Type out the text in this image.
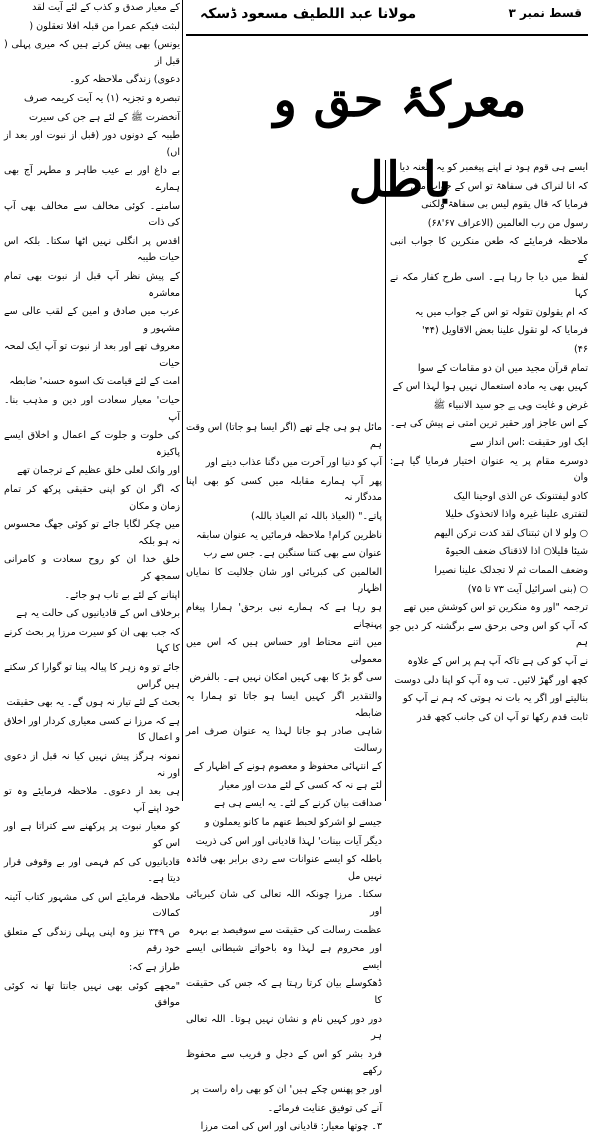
قسط نمبر ۳
مولانا عبد اللطیف مسعود ڈسکہ
معرکۂ حق و باطل

کے معیار صدق و کذب کے لئے آیت لقد

لبثت فیکم عمرا من قبلہ افلا تعقلون (

یونس) بھی پیش کرتے ہیں کہ میری پہلی ( قبل از

دعوی) زندگی ملاحظہ کرو۔

تبصرہ و تجزیہ (۱) یہ آیت کریمہ صرف

آنخضرت ﷺ کے لئے ہے جن کی سیرت

طیبہ کے دونوں دور (قبل از نبوت اور بعد از اں)

بے داغ اور بے عیب طاہر و مطہر آج بھی ہمارے

سامنے۔ کوئی مخالف سے مخالف بھی آپ کی ذات

اقدس پر انگلی نہیں اٹھا سکتا۔ بلکہ اس حیات طیبہ

کے پیش نظر آپ قبل از نبوت بھی تمام معاشرہ

عرب میں صادق و امین کے لقب عالی سے مشہور و

معروف تھے اور بعد از نبوت تو آپ ایک لمحہ حیات

امت کے لئے قیامت تک اسوہ حسنہ' ضابطہ

حیات' معیار سعادت اور دین و مذہب بنا۔ آپ

کی خلوت و جلوت کے اعمال و اخلاق ایسے پاکیزہ

اور وانک لعلی خلق عظیم کے ترجمان تھے

کہ اگر ان کو اپنی حقیقی پرکھ کر تمام زمان و مکان

میں چکر لگایا جائے تو کوئی جھگ محسوس نہ ہو بلکہ

خلق خدا ان کو روح سعادت و کامرانی سمجھ کر

اپنانے کے لئے بے تاب ہو جائے۔

برخلاف اس کے قادیانیوں کی حالت یہ ہے

کہ جب بھی ان کو سیرت مرزا پر بحث کرنے کا کہا

جائے تو وہ زہر کا پیالہ پینا تو گوارا کر سکتے ہیں گراس

بحث کے لئے تیار نہ ہوں گے۔ یہ بھی حقیقت

ہے کہ مرزا نے کسی معیاری کردار اور اخلاق و اعمال کا

نمونہ ہرگز پیش نہیں کیا نہ قبل از دعوی اور نہ

ہی بعد از دعوی۔ ملاحظہ فرمایئے وہ تو خود اپنے آپ

کو معیار نبوت پر پرکھنے سے کتراتا ہے اور اس کو

قادیانیوں کی کم فہمی اور بے وقوفی قرار دیتا ہے۔

ملاحظہ فرمایئے اس کی مشہور کتاب آئینہ کمالات

ص ۳۴۹ نیز وہ اپنی پہلی زندگی کے متعلق خود رقم

طراز ہے کہ:

"مجھے کوئی بھی نہیں جانتا تھا نہ کوئی موافق

مائل ہو ہی چلے تھے (اگر ایسا ہو جاتا) اس وقت ہم

آپ کو دنیا اور آخرت میں دگنا عذاب دیتے اور

پھر آپ ہمارے مقابلہ میں کسی کو بھی اپنا مددگار نہ

پاتے۔" (العیاذ باللہ ثم العیاذ باللہ)

ناظرین کرام! ملاحظہ فرمائیں یہ عنوان سابقہ

عنوان سے بھی کتنا سنگین ہے۔ جس سے رب

العالمین کی کبریائی اور شان جلالیت کا نمایاں اظہار

ہو رہا ہے کہ ہمارے نبی برحق' ہمارا پیغام پہنچانے

میں اتنے محتاط اور حساس ہیں کہ اس میں معمولی

سی گو بڑ کا بھی کہیں امکان نہیں ہے۔ بالفرض

والتقدیر اگر کہیں ایسا ہو جاتا تو ہمارا یہ ضابطہ

شاہی صادر ہو جاتا لہذا یہ عنوان صرف امر رسالت

کے انتہائی محفوظ و معصوم ہونے کے اظہار کے

لئے ہے نہ کہ کسی کے لئے مدت اور معیار

صداقت بیان کرنے کے لئے۔ یہ ایسے ہی ہے

جیسے لو اشرکو لحبط عنھم ما کانو یعملون و

دیگر آیات بینات' لہذا قادیانی اور اس کی ذریت

باطلہ کو ایسے عنوانات سے ردی برابر بھی فائدہ نہیں مل

سکتا۔ مرزا چونکہ اللہ تعالی کی شان کبریائی اور

عظمت رسالت کی حقیقت سے سوفیصد بے بہرہ

اور محروم ہے لہذا وہ باخواتے شیطانی ایسے ایسے

ڈھکوسلے بیان کرتا رہتا ہے کہ جس کی حقیقت کا

دور دور کہیں نام و نشان نہیں ہوتا۔ اللہ تعالی ہر

فرد بشر کو اس کے دجل و فریب سے محفوظ رکھے

اور جو پھنس چکے ہیں' ان کو بھی راہ راست پر

آنے کی توفیق عنایت فرمائے۔

۳۔ چوتھا معیار: قادیانی اور اس کی امت مرزا

ایسے ہی قوم ہود نے اپنے پیغمبر کو یہ طعنہ دیا

کہ انا لنراک فی سفاھۃ تو اس کے جواب میں

فرمایا کہ قال یقوم لیس بی سفاھۃ ولکنی

رسول من رب العالمین (الاعراف ۶۷'۶۸)

ملاحظہ فرمایئے کہ طعن منکرین کا جواب انبی کے

لفظ میں دیا جا رہا ہے۔ اسی طرح کفار مکہ نے کہا

کہ ام یقولون تقولہ تو اس کے جواب میں یہ

فرمایا کہ لو تقول علینا بعض الاقاویل (۴۴'

۴۶)

تمام قرآن مجید میں ان دو مقامات کے سوا

کہیں بھی یہ مادہ استعمال نہیں ہوا لہذا اس کے

غرض و غایت وہی ہے جو سید الانبیاء ﷺ

کے اس عاجز اور حقیر ترین امتی نے پیش کی ہے۔

ایک اور حقیقت :اس انداز سے

دوسرے مقام پر یہ عنوان اختیار فرمایا گیا ہے: وان

کادو لیفتنونک عن الذی اوحینا الیک

لتفتری علینا غیرہ واذا لاتخذوک خلیلا

○ ولو لا ان ثبتناک لقد کدت ترکن الیھم

شیئا قلیلا○ اذا لاذقناک ضعف الحیوۃ

وضعف الممات ثم لا تجدلک علینا نصیرا

○ (بنی اسرائیل آیت ۷۳ تا ۷۵)

ترجمہ "اور وہ منکرین تو اس کوشش میں تھے

کہ آپ کو اس وحی برحق سے برگشتہ کر دیں جو ہم

نے آپ کو کی ہے تاکہ آپ ہم پر اس کے علاوہ

کچھ اور گھڑ لائیں۔ تب وہ آپ کو اپنا دلی دوست

بنالیتے اور اگر یہ بات نہ ہوتی کہ ہم نے آپ کو

ثابت قدم رکھا تو آپ ان کی جانب کچھ قدر
